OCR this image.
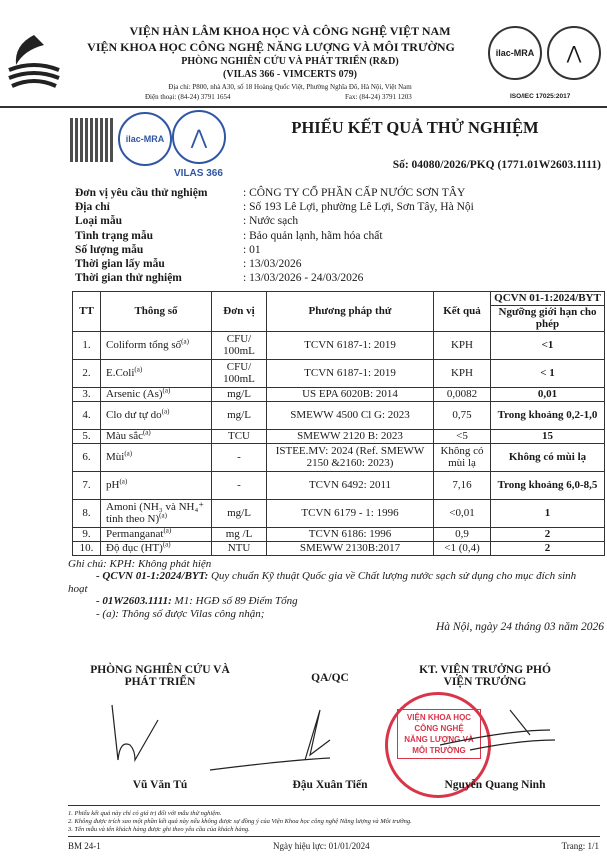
VIỆN HÀN LÂM KHOA HỌC VÀ CÔNG NGHỆ VIỆT NAM
VIỆN KHOA HỌC CÔNG NGHỆ NĂNG LƯỢNG VÀ MÔI TRƯỜNG
PHÒNG NGHIÊN CỨU VÀ PHÁT TRIỂN (R&D)
(VILAS 366 - VIMCERTS 079)
Địa chỉ: P800, nhà A30, số 18 Hoàng Quốc Việt, Phường Nghĩa Đô, Hà Nội, Việt Nam
Điện thoại: (84-24) 3791 1654	Fax: (84-24) 3791 1203
ilac-MRA	⋀
ISO/IEC 17025:2017
ilac-MRA	⋀
VILAS 366
PHIẾU KẾT QUẢ THỬ NGHIỆM
Số: 04080/2026/PKQ (1771.01W2603.1111)
Đơn vị yêu cầu thử nghiệm	: CÔNG TY CỔ PHẦN CẤP NƯỚC SƠN TÂY
Địa chỉ	: Số 193 Lê Lợi, phường Lê Lợi, Sơn Tây, Hà Nội
Loại mẫu	: Nước sạch
Tình trạng mẫu	: Bảo quản lạnh, hãm hóa chất
Số lượng mẫu	: 01
Thời gian lấy mẫu	: 13/03/2026
Thời gian thử nghiệm	: 13/03/2026 - 24/03/2026
TT	Thông số	Đơn vị	Phương pháp thử	Kết quả	QCVN 01-1:2024/BYT
					Ngưỡng giới hạn cho phép
1.	Coliform tổng số$^{(a)}$	CFU/ 100mL	TCVN 6187-1: 2019	KPH	<1
2.	E.Coli$^{(a)}$	CFU/ 100mL	TCVN 6187-1: 2019	KPH	< 1
3.	Arsenic $(As)^{(a)}$	mg/L	US EPA 6020B: 2014	0,0082	0,01
4.	Clo dư tự $do^{(a)}$	mg/L	SMEWW 4500 Cl G: 2023	0,75	Trong khoảng 0,2-1,0
5.	Màu sắc$^{(a)}$	TCU	SMEWW 2120 B: 2023	<5	15
6.	Mùi$^{(a)}$	-	ISTEE.MV: 2024 (Ref. SMEWW 2150 &2160: 2023)	Không có mùi lạ	Không có mùi lạ
7.	$pH^{(a)}$	-	TCVN 6492: 2011	7,16	Trong khoảng 6,0-8,5
8.	Amoni (NH₃ và NH₄⁺ tính theo N)$^{(a)}$	mg/L	TCVN 6179 - 1: 1996	<0,01	1
9.	Permanganat$^{(a)}$	mg /L	TCVN 6186: 1996	0,9	2
10.	Độ đục (HT)$^{(a)}$	NTU	SMEWW 2130B:2017	<1 (0,4)	2
Ghi chú: KPH: Không phát hiện
- QCVN 01-1:2024/BYT: Quy chuẩn Kỹ thuật Quốc gia về Chất lượng nước sạch sử dụng cho mục đích sinh hoạt
- 01W2603.1111: M1: HGĐ số 89 Điếm Tổng
- (a): Thông số được Vilas công nhận;
Hà Nội, ngày 24 tháng 03 năm 2026
PHÒNG NGHIÊN CỨU VÀ PHÁT TRIỂN	QA/QC
KT. VIỆN TRƯỞNG PHÓ VIỆN TRƯỞNG
VIỆN KHOA HỌC
CÔNG NGHỆ
NĂNG LƯỢNG VÀ
MÔI TRƯỜNG
Vũ Văn Tú	Đậu Xuân Tiến	Nguyễn Quang Ninh
1. Phiếu kết quả này chỉ có giá trị đối với mẫu thử nghiệm.
2. Không được trích sao một phần kết quả này nếu không được sự đồng ý của Viện Khoa học công nghệ Năng lượng và Môi trường.
3. Tên mẫu và tên khách hàng được ghi theo yêu cầu của khách hàng.
BM 24-1	Ngày hiệu lực: 01/01/2024	Trang: 1/1
